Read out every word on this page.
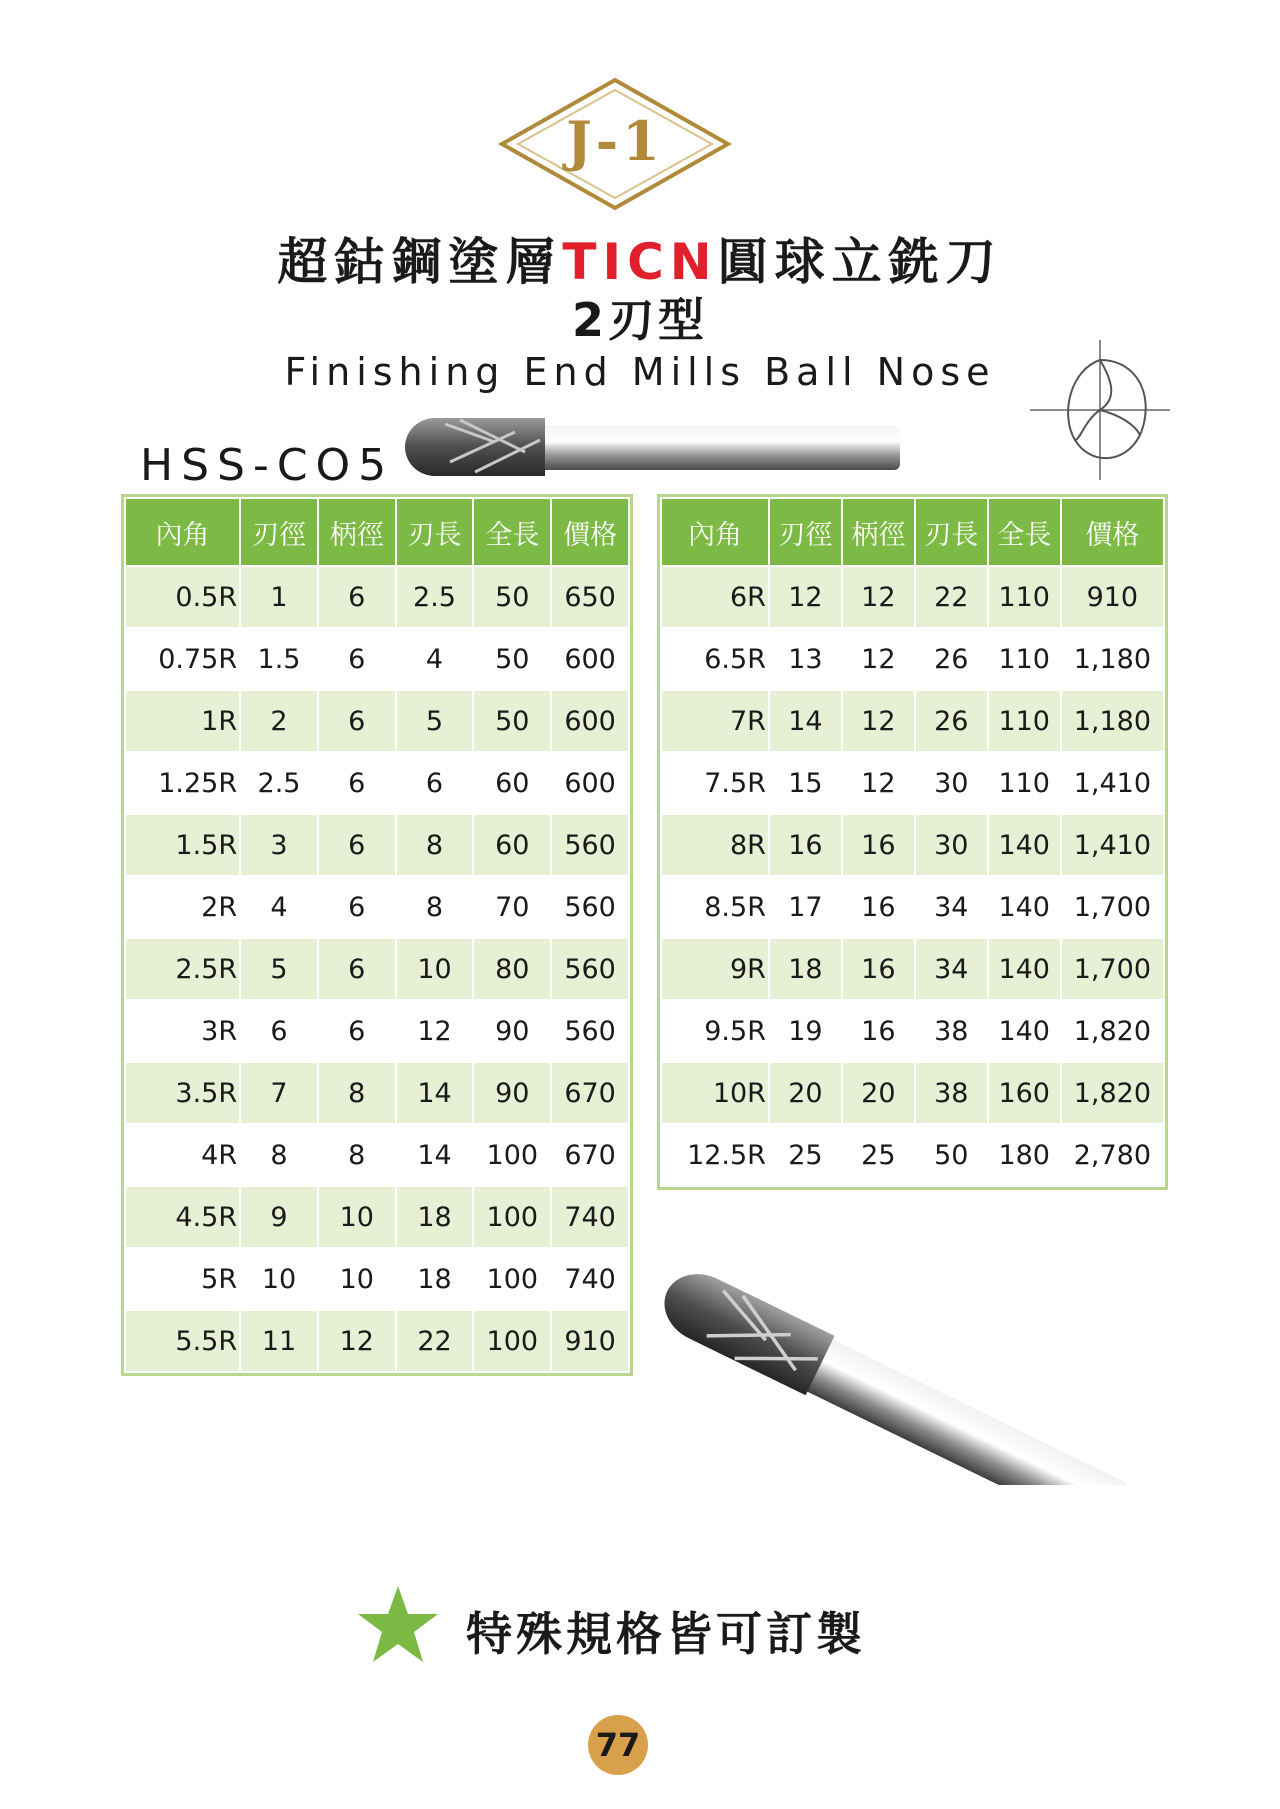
J-1
超鈷鋼塗層TICN圓球立銑刀
2刃型
Finishing End Mills Ball Nose
HSS-CO5
內角	刃徑	柄徑	刃長	全長	價格
0.5R	1	6	2.5	50	650
0.75R	1.5	6	4	50	600
1R	2	6	5	50	600
1.25R	2.5	6	6	60	600
1.5R	3	6	8	60	560
2R	4	6	8	70	560
2.5R	5	6	10	80	560
3R	6	6	12	90	560
3.5R	7	8	14	90	670
4R	8	8	14	100	670
4.5R	9	10	18	100	740
5R	10	10	18	100	740
5.5R	11	12	22	100	910
內角	刃徑	柄徑	刃長	全長	價格
6R	12	12	22	110	910
6.5R	13	12	26	110	1,180
7R	14	12	26	110	1,180
7.5R	15	12	30	110	1,410
8R	16	16	30	140	1,410
8.5R	17	16	34	140	1,700
9R	18	16	34	140	1,700
9.5R	19	16	38	140	1,820
10R	20	20	38	160	1,820
12.5R	25	25	50	180	2,780
特殊規格皆可訂製
77
